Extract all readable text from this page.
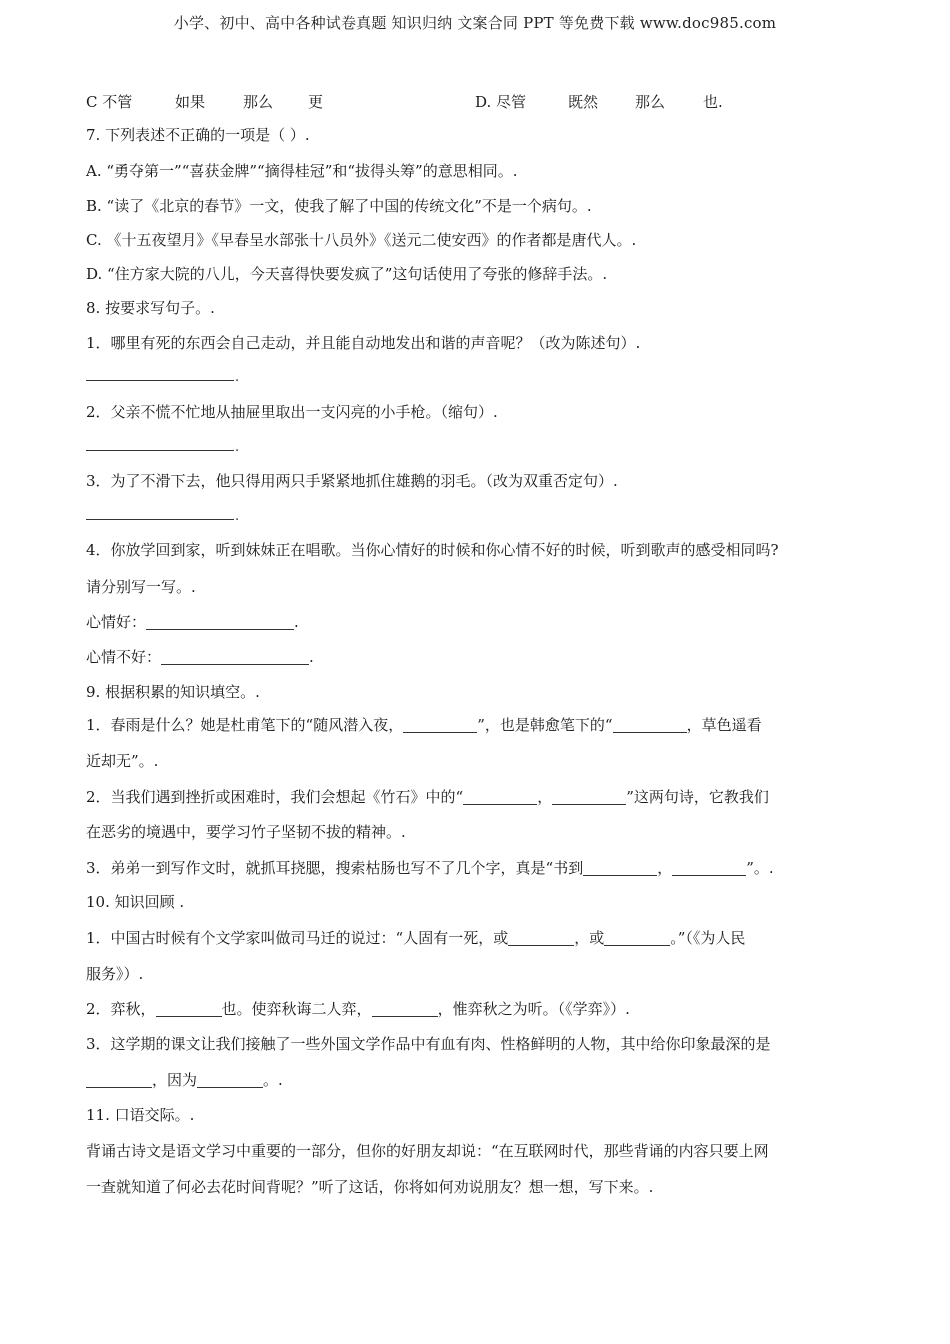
小学、初中、高中各种试卷真题 知识归纳 文案合同 PPT 等免费下载 www.doc985.com
C 不管	如果	那么 更	D. 尽管	既然 那么	也.
7. 下列表述不正确的一项是（ ）.
A. “勇夺第一”“喜获金牌”“摘得桂冠”和“拔得头筹”的意思相同。.
B. “读了《北京的春节》一文，使我了解了中国的传统文化”不是一个病句。.
C. 《十五夜望月》《早春呈水部张十八员外》《送元二使安西》的作者都是唐代人。.
D. “住方家大院的八儿，今天喜得快要发疯了”这句话使用了夸张的修辞手法。.
8. 按要求写句子。.
1．哪里有死的东西会自己走动，并且能自动地发出和谐的声音呢？（改为陈述句）.
.
2．父亲不慌不忙地从抽屉里取出一支闪亮的小手枪。（缩句）.
.
3．为了不滑下去，他只得用两只手紧紧地抓住雄鹅的羽毛。（改为双重否定句）.
.
4．你放学回到家，听到妹妹正在唱歌。当你心情好的时候和你心情不好的时候，听到歌声的感受相同吗?
请分别写一写。.
心情好：	.
心情不好：	.
9. 根据积累的知识填空。.
1．春雨是什么？她是杜甫笔下的“随风潜入夜，	”，也是韩愈笔下的“	，草色遥看
近却无”。.
2．当我们遇到挫折或困难时，我们会想起《竹石》中的“	，	”这两句诗，它教我们
在恶劣的境遇中，要学习竹子坚韧不拔的精神。.
3．弟弟一到写作文时，就抓耳挠腮，搜索枯肠也写不了几个字，真是“书到	，	”。.
10. 知识回顾 .
1．中国古时候有个文学家叫做司马迁的说过：“人固有一死，或	，或	。”（《为人民
服务》）.
2．弈秋，	也。使弈秋诲二人弈，	，惟弈秋之为听。（《学弈》）.
3．这学期的课文让我们接触了一些外国文学作品中有血有肉、性格鲜明的人物，其中给你印象最深的是
，因为	。.
11. 口语交际。.
背诵古诗文是语文学习中重要的一部分，但你的好朋友却说：“在互联网时代，那些背诵的内容只要上网
一查就知道了何必去花时间背呢？”听了这话，你将如何劝说朋友？想一想，写下来。.
